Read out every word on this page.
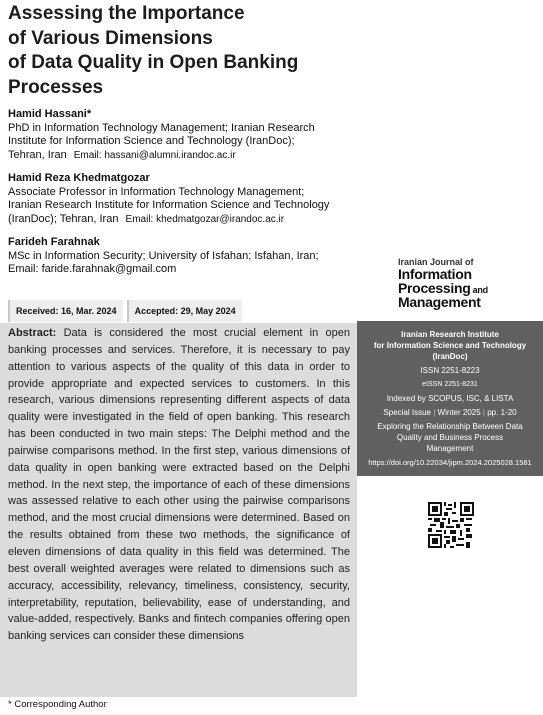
Assessing the Importance
of Various Dimensions
of Data Quality in Open Banking
Processes
Hamid Hassani*
PhD in Information Technology Management; Iranian Research
Institute for Information Science and Technology (IranDoc);
Tehran, Iran Email: hassani@alumni.irandoc.ac.ir
Hamid Reza Khedmatgozar
Associate Professor in Information Technology Management;
Iranian Research Institute for Information Science and Technology
(IranDoc); Tehran, Iran Email: khedmatgozar@irandoc.ac.ir
Farideh Farahnak
MSc in Information Security; University of Isfahan; Isfahan, Iran;
Email: faride.farahnak@gmail.com
Iranian Journal of
Information
Processing and
Management
Received: 16, Mar. 2024	Accepted: 29, May 2024
Abstract: Data is considered the most crucial element in open banking processes and services. Therefore, it is necessary to pay attention to various aspects of the quality of this data in order to provide appropriate and expected services to customers. In this research, various dimensions representing different aspects of data quality were investigated in the field of open banking. This research has been conducted in two main steps: The Delphi method and the pairwise comparisons method. In the first step, various dimensions of data quality in open banking were extracted based on the Delphi method. In the next step, the importance of each of these dimensions was assessed relative to each other using the pairwise comparisons method, and the most crucial dimensions were determined. Based on the results obtained from these two methods, the significance of eleven dimensions of data quality in this field was determined. The best overall weighted averages were related to dimensions such as accuracy, accessibility, relevancy, timeliness, consistency, security, interpretability, reputation, believability, ease of understanding, and value-added, respectively. Banks and fintech companies offering open banking services can consider these dimensions
Iranian Research Institute
for Information Science and Technology
(IranDoc)
ISSN 2251-8223
eISSN 2251-8231
Indexed by SCOPUS, ISC, & LISTA
Special Issue | Winter 2025 | pp. 1-20
Exploring the Relationship Between Data
Quality and Business Process
Management
https://doi.org/10.22034/jipm.2024.2025028.1581
* Corresponding Author
